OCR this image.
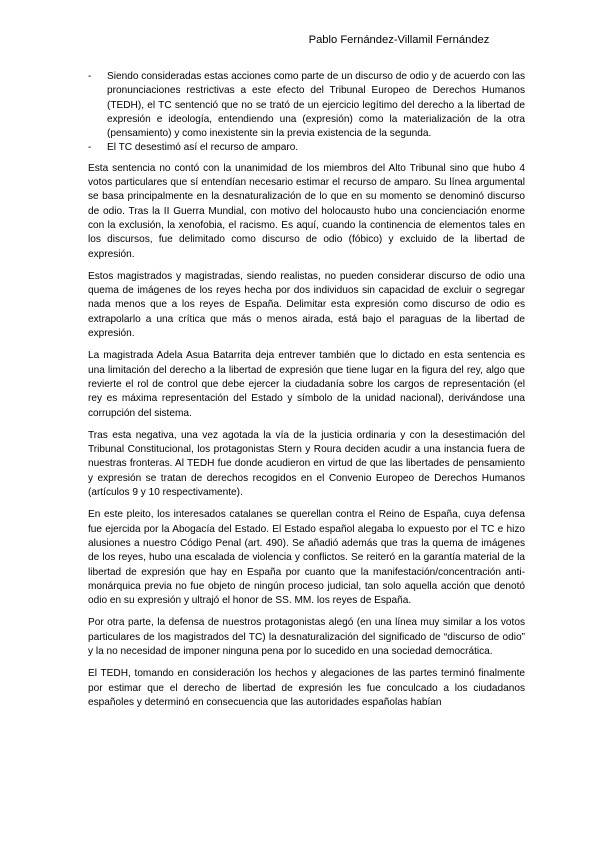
Pablo Fernández-Villamil Fernández
- Siendo consideradas estas acciones como parte de un discurso de odio y de acuerdo con las pronunciaciones restrictivas a este efecto del Tribunal Europeo de Derechos Humanos (TEDH), el TC sentenció que no se trató de un ejercicio legítimo del derecho a la libertad de expresión e ideología, entendiendo una (expresión) como la materialización de la otra (pensamiento) y como inexistente sin la previa existencia de la segunda.
- El TC desestimó así el recurso de amparo.

Esta sentencia no contó con la unanimidad de los miembros del Alto Tribunal sino que hubo 4 votos particulares que sí entendían necesario estimar el recurso de amparo. Su línea argumental se basa principalmente en la desnaturalización de lo que en su momento se denominó discurso de odio. Tras la II Guerra Mundial, con motivo del holocausto hubo una concienciación enorme con la exclusión, la xenofobia, el racismo. Es aquí, cuando la continencia de elementos tales en los discursos, fue delimitado como discurso de odio (fóbico) y excluido de la libertad de expresión.

Estos magistrados y magistradas, siendo realistas, no pueden considerar discurso de odio una quema de imágenes de los reyes hecha por dos individuos sin capacidad de excluir o segregar nada menos que a los reyes de España. Delimitar esta expresión como discurso de odio es extrapolarlo a una crítica que más o menos airada, está bajo el paraguas de la libertad de expresión.

La magistrada Adela Asua Batarrita deja entrever también que lo dictado en esta sentencia es una limitación del derecho a la libertad de expresión que tiene lugar en la figura del rey, algo que revierte el rol de control que debe ejercer la ciudadanía sobre los cargos de representación (el rey es máxima representación del Estado y símbolo de la unidad nacional), derivándose una corrupción del sistema.

Tras esta negativa, una vez agotada la vía de la justicia ordinaria y con la desestimación del Tribunal Constitucional, los protagonistas Stern y Roura deciden acudir a una instancia fuera de nuestras fronteras. Al TEDH fue donde acudieron en virtud de que las libertades de pensamiento y expresión se tratan de derechos recogidos en el Convenio Europeo de Derechos Humanos (artículos 9 y 10 respectivamente).

En este pleito, los interesados catalanes se querellan contra el Reino de España, cuya defensa fue ejercida por la Abogacía del Estado. El Estado español alegaba lo expuesto por el TC e hizo alusiones a nuestro Código Penal (art. 490). Se añadió además que tras la quema de imágenes de los reyes, hubo una escalada de violencia y conflictos. Se reiteró en la garantía material de la libertad de expresión que hay en España por cuanto que la manifestación/concentración anti-monárquica previa no fue objeto de ningún proceso judicial, tan solo aquella acción que denotó odio en su expresión y ultrajó el honor de SS. MM. los reyes de España.

Por otra parte, la defensa de nuestros protagonistas alegó (en una línea muy similar a los votos particulares de los magistrados del TC) la desnaturalización del significado de “discurso de odio” y la no necesidad de imponer ninguna pena por lo sucedido en una sociedad democrática.

El TEDH, tomando en consideración los hechos y alegaciones de las partes terminó finalmente por estimar que el derecho de libertad de expresión les fue conculcado a los ciudadanos españoles y determinó en consecuencia que las autoridades españolas habían
